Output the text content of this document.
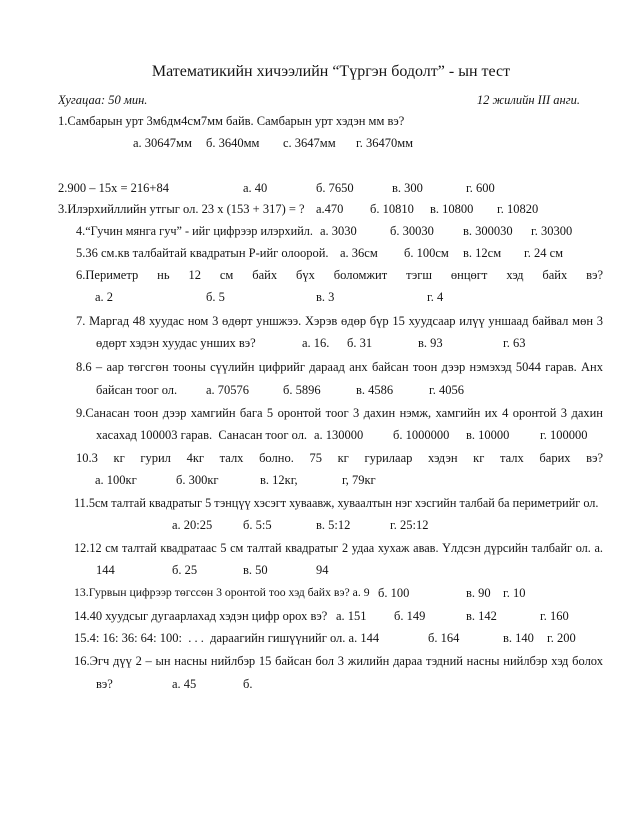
Математикийн хичээлийн “Түргэн бодолт” - ын тест
Хугацаа: 50 мин.	12 жилийн III анги.
1.Самбарын урт 3м6дм4см7мм байв. Самбарын урт хэдэн мм вэ?
а. 30647мм	б. 3640мм	с. 3647мм	г. 36470мм
2.900 – 15x = 216+84	а. 40	б. 7650	в. 300	г. 600
3.Илэрхийллийн утгыг ол. 23 x (153 + 317) = ? а.470	б. 10810	в. 10800	г. 10820
4.“Гучин мянга гуч” - ийг цифрээр илэрхийл. а. 3030	б. 30030	в. 300030	г. 30300
5.36 см.кв талбайтай квадратын Р-ийг олоорой. а. 36см	б. 100см	в. 12см	г. 24 см
6.Периметр нь 12 см байх бүх боломжит тэгш өнцөгт хэд байх вэ?
а. 2	б. 5	в. 3	г. 4
7. Маргад 48 хуудас ном 3 өдөрт уншжээ. Хэрэв өдөр бүр 15 хуудсаар илүү уншаад байвал мөн 3
өдөрт хэдэн хуудас унших вэ?	а. 16.	б. 31	в. 93	г. 63
8.6 – аар төгсгөн тооны сүүлийн цифрийг дараад анх байсан тоон дээр нэмэхэд 5044 гарав. Анх
байсан тоог ол.	а. 70576	б. 5896	в. 4586	г. 4056
9.Санасан тоон дээр хамгийн бага 5 оронтой тоог 3 дахин нэмж, хамгийн их 4 оронтой 3 дахин
хасахад 100003 гарав.  Санасан тоог ол. а. 130000	б. 1000000	в. 10000	г. 100000
10.3 кг гурил 4кг талх болно. 75 кг гурилаар хэдэн кг талх барих вэ?
а. 100кг	б. 300кг	в. 12кг,	г, 79кг
11.5см талтай квадратыг 5 тэнцүү хэсэгт хуваавж, хуваалтын нэг хэсгийн талбай ба периметрийг ол.
а. 20:25	б. 5:5	в. 5:12	г. 25:12
12.12 см талтай квадратаас 5 см талтай квадратыг 2 удаа хухаж авав. Үлдсэн дүрсийн талбайг ол. а.
144	б. 25	в. 50	94
13.Гурвын цифрээр төгссөн 3 оронтой тоо хэд байх вэ? а. 9 б. 100	в. 90 г. 10
14.40 хуудсыг дугаарлахад хэдэн цифр орох вэ? а. 151	б. 149	в. 142	г. 160
15.4: 16: 36: 64: 100:  . . .  дараагийн гишүүнийг ол. а. 144	б. 164	в. 140	г. 200
16.Эгч дүү 2 – ын насны нийлбэр 15 байсан бол 3 жилийн дараа тэдний насны нийлбэр хэд болох
вэ?	а. 45	б.
